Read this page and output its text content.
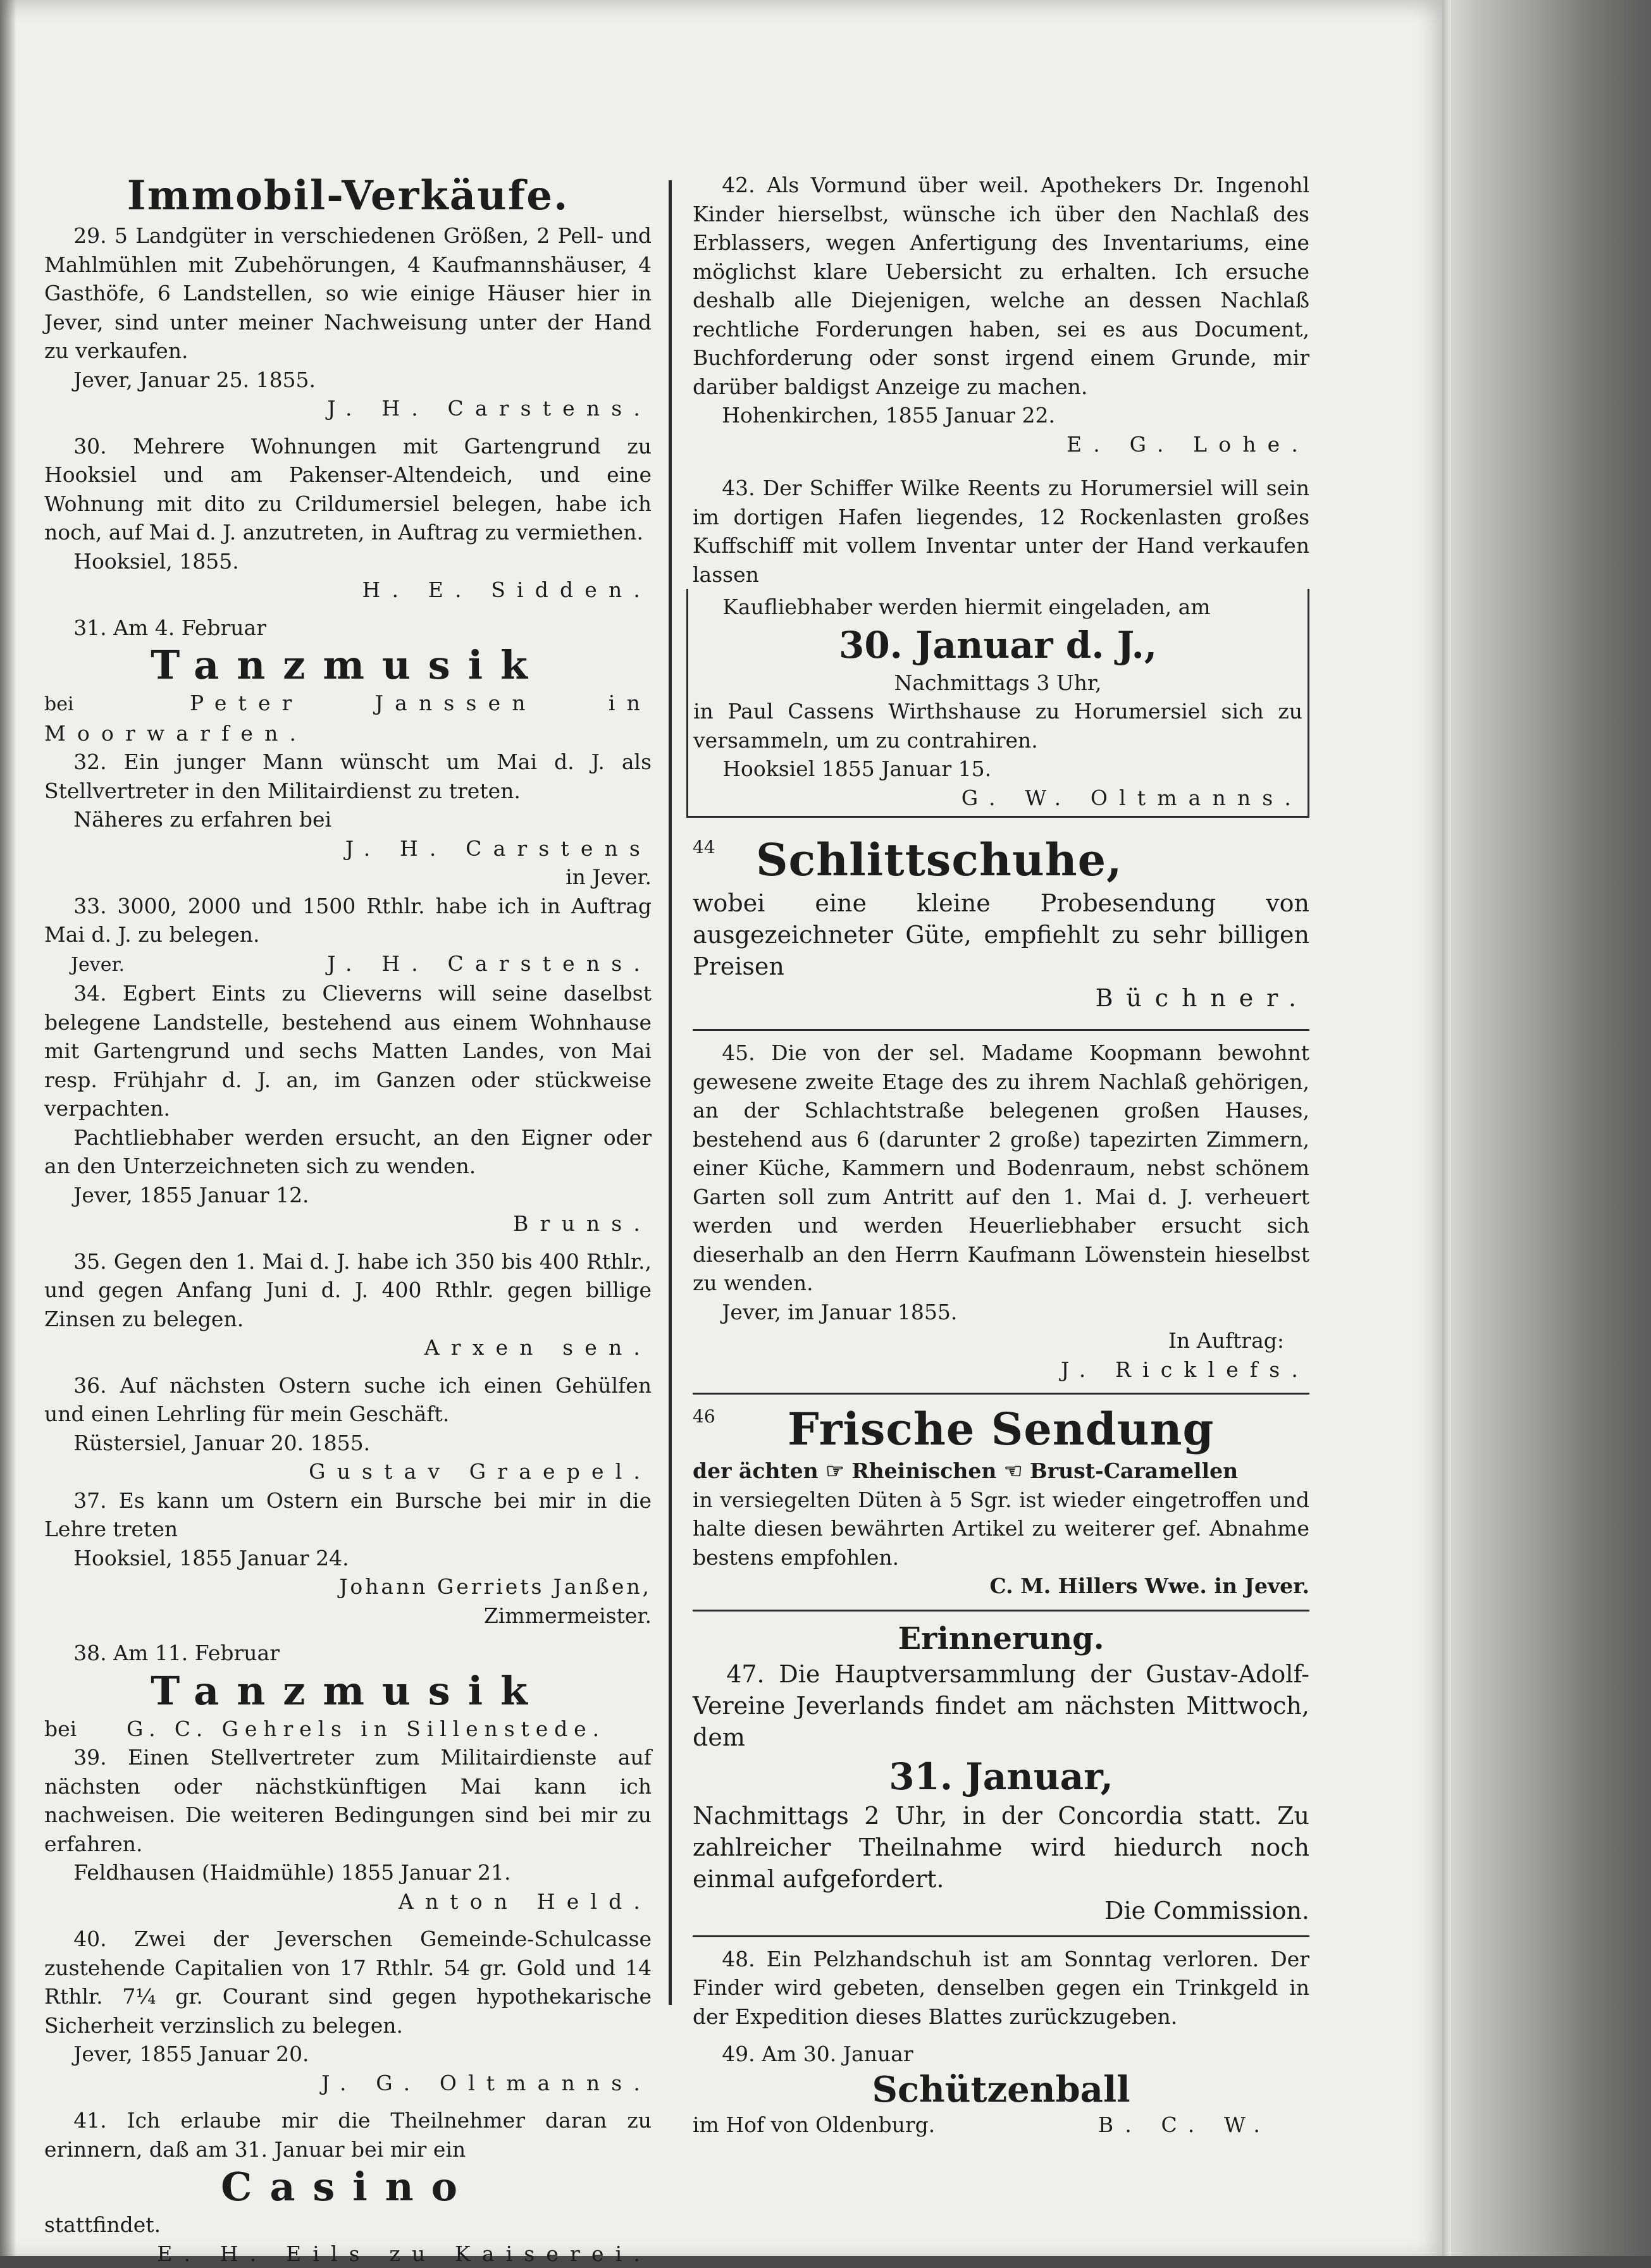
Immobil-Verkäufe.

29. 5 Landgüter in verschiedenen Größen, 2 Pell- und Mahlmühlen mit Zubehörungen, 4 Kaufmannshäuser, 4 Gasthöfe, 6 Landstellen, so wie einige Häuser hier in Jever, sind unter meiner Nachweisung unter der Hand zu verkaufen.

Jever, Januar 25. 1855.

J. H. Carstens.

30. Mehrere Wohnungen mit Gartengrund zu Hooksiel und am Pakenser-Altendeich, und eine Wohnung mit dito zu Crildumersiel belegen, habe ich noch, auf Mai d. J. anzutreten, in Auftrag zu vermiethen.

Hooksiel, 1855.

H. E. Sidden.

31. Am 4. Februar

Tanzmusik

bei	Peter Janssen in Moorwarfen.

32. Ein junger Mann wünscht um Mai d. J. als Stellvertreter in den Militairdienst zu treten.

Näheres zu erfahren bei

J. H. Carstens

in Jever.

33. 3000, 2000 und 1500 Rthlr. habe ich in Auftrag Mai d. J. zu belegen.

Jever.	J. H. Carstens.

34. Egbert Eints zu Clieverns will seine daselbst belegene Landstelle, bestehend aus einem Wohnhause mit Gartengrund und sechs Matten Landes, von Mai resp. Frühjahr d. J. an, im Ganzen oder stückweise verpachten.

Pachtliebhaber werden ersucht, an den Eigner oder an den Unterzeichneten sich zu wenden.

Jever, 1855 Januar 12.

Bruns.

35. Gegen den 1. Mai d. J. habe ich 350 bis 400 Rthlr., und gegen Anfang Juni d. J. 400 Rthlr. gegen billige Zinsen zu belegen.

Arxen sen.

36. Auf nächsten Ostern suche ich einen Gehülfen und einen Lehrling für mein Geschäft.

Rüstersiel, Januar 20. 1855.

Gustav Graepel.

37. Es kann um Ostern ein Bursche bei mir in die Lehre treten

Hooksiel, 1855 Januar 24.

Johann Gerriets Janßen,

Zimmermeister.

38. Am 11. Februar

Tanzmusik

bei G. C. Gehrels in Sillenstede.

39. Einen Stellvertreter zum Militairdienste auf nächsten oder nächstkünftigen Mai kann ich nachweisen. Die weiteren Bedingungen sind bei mir zu erfahren.

Feldhausen (Haidmühle) 1855 Januar 21.

Anton Held.

40. Zwei der Jeverschen Gemeinde-Schulcasse zustehende Capitalien von 17 Rthlr. 54 gr. Gold und 14 Rthlr. 7¼ gr. Courant sind gegen hypothekarische Sicherheit verzinslich zu belegen.

Jever, 1855 Januar 20.

J. G. Oltmanns.

41. Ich erlaube mir die Theilnehmer daran zu erinnern, daß am 31. Januar bei mir ein

Casino

stattfindet.

E. H. Eils zu Kaiserei.

42. Als Vormund über weil. Apothekers Dr. Ingenohl Kinder hierselbst, wünsche ich über den Nachlaß des Erblassers, wegen Anfertigung des Inventariums, eine möglichst klare Uebersicht zu erhalten. Ich ersuche deshalb alle Diejenigen, welche an dessen Nachlaß rechtliche Forderungen haben, sei es aus Document, Buchforderung oder sonst irgend einem Grunde, mir darüber baldigst Anzeige zu machen.

Hohenkirchen, 1855 Januar 22.

E. G. Lohe.

43. Der Schiffer Wilke Reents zu Horumersiel will sein im dortigen Hafen liegendes, 12 Rockenlasten großes Kuffschiff mit vollem Inventar unter der Hand verkaufen lassen

Kaufliebhaber werden hiermit eingeladen, am

30. Januar d. J.,

Nachmittags 3 Uhr,

in Paul Cassens Wirthshause zu Horumersiel sich zu versammeln, um zu contrahiren.

Hooksiel 1855 Januar 15.

G. W. Oltmanns.

44 Schlittschuhe,

wobei eine kleine Probesendung von ausgezeichneter Güte, empfiehlt zu sehr billigen Preisen

Büchner.

45. Die von der sel. Madame Koopmann bewohnt gewesene zweite Etage des zu ihrem Nachlaß gehörigen, an der Schlachtstraße belegenen großen Hauses, bestehend aus 6 (darunter 2 große) tapezirten Zimmern, einer Küche, Kammern und Bodenraum, nebst schönem Garten soll zum Antritt auf den 1. Mai d. J. verheuert werden und werden Heuerliebhaber ersucht sich dieserhalb an den Herrn Kaufmann Löwenstein hieselbst zu wenden.

Jever, im Januar 1855.

In Auftrag:

J. Ricklefs.

46 Frische Sendung

der ächten ☞ Rheinischen ☜ Brust-Caramellen

in versiegelten Düten à 5 Sgr. ist wieder eingetroffen und halte diesen bewährten Artikel zu weiterer gef. Abnahme bestens empfohlen.

C. M. Hillers Wwe. in Jever.

Erinnerung.

47. Die Hauptversammlung der Gustav-Adolf-Vereine Jeverlands findet am nächsten Mittwoch, dem

31. Januar,

Nachmittags 2 Uhr, in der Concordia statt. Zu zahlreicher Theilnahme wird hiedurch noch einmal aufgefordert.

Die Commission.

48. Ein Pelzhandschuh ist am Sonntag verloren. Der Finder wird gebeten, denselben gegen ein Trinkgeld in der Expedition dieses Blattes zurückzugeben.

49. Am 30. Januar

Schützenball

im Hof von Oldenburg.	B. C. W.
